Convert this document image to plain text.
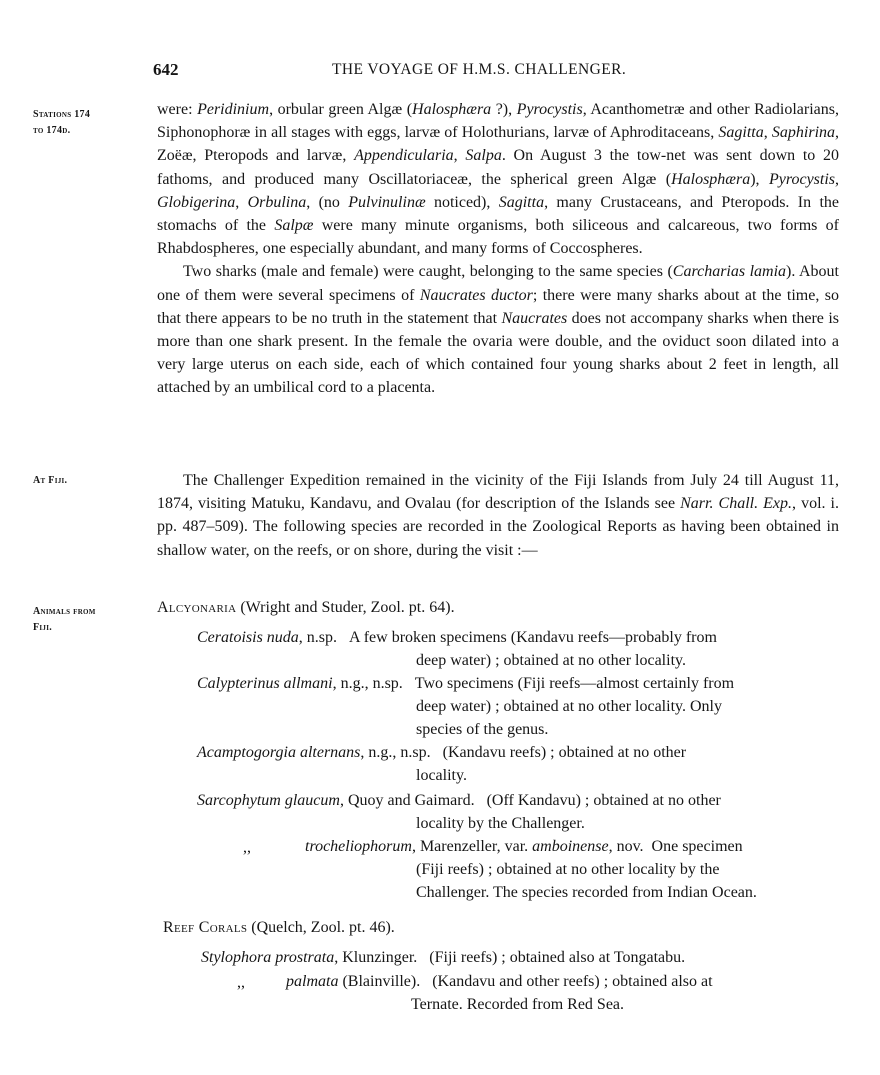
642	THE VOYAGE OF H.M.S. CHALLENGER.
Stations 174
to 174d.
At Fiji.
Animals from
Fiji.

were: Peridinium, orbular green Algæ (Halosphæra ?), Pyrocystis, Acanthometræ and other Radiolarians, Siphonophoræ in all stages with eggs, larvæ of Holothurians, larvæ of Aphroditaceans, Sagitta, Saphirina, Zoëæ, Pteropods and larvæ, Appendicularia, Salpa. On August 3 the tow-net was sent down to 20 fathoms, and produced many Oscillatoriaceæ, the spherical green Algæ (Halosphæra), Pyrocystis, Globigerina, Orbulina, (no Pulvinulinæ noticed), Sagitta, many Crustaceans, and Pteropods. In the stomachs of the Salpæ were many minute organisms, both siliceous and calcareous, two forms of Rhabdospheres, one especially abundant, and many forms of Coccospheres.

Two sharks (male and female) were caught, belonging to the same species (Carcharias lamia). About one of them were several specimens of Naucrates ductor; there were many sharks about at the time, so that there appears to be no truth in the statement that Naucrates does not accompany sharks when there is more than one shark present. In the female the ovaria were double, and the oviduct soon dilated into a very large uterus on each side, each of which contained four young sharks about 2 feet in length, all attached by an umbilical cord to a placenta.

The Challenger Expedition remained in the vicinity of the Fiji Islands from July 24 till August 11, 1874, visiting Matuku, Kandavu, and Ovalau (for description of the Islands see Narr. Chall. Exp., vol. i. pp. 487–509). The following species are recorded in the Zoological Reports as having been obtained in shallow water, on the reefs, or on shore, during the visit :—

Alcyonaria (Wright and Studer, Zool. pt. 64).
Ceratoisis nuda, n.sp. A few broken specimens (Kandavu reefs—probably from
deep water) ; obtained at no other locality.
Calypterinus allmani, n.g., n.sp. Two specimens (Fiji reefs—almost certainly from
deep water) ; obtained at no other locality. Only
species of the genus.
Acamptogorgia alternans, n.g., n.sp. (Kandavu reefs) ; obtained at no other
locality.
Sarcophytum glaucum, Quoy and Gaimard. (Off Kandavu) ; obtained at no other
locality by the Challenger.
,,	trocheliophorum, Marenzeller, var. amboinense, nov. One specimen
(Fiji reefs) ; obtained at no other locality by the
Challenger. The species recorded from Indian Ocean.
Reef Corals (Quelch, Zool. pt. 46).
Stylophora prostrata, Klunzinger. (Fiji reefs) ; obtained also at Tongatabu.
,,	palmata (Blainville). (Kandavu and other reefs) ; obtained also at
Ternate. Recorded from Red Sea.
